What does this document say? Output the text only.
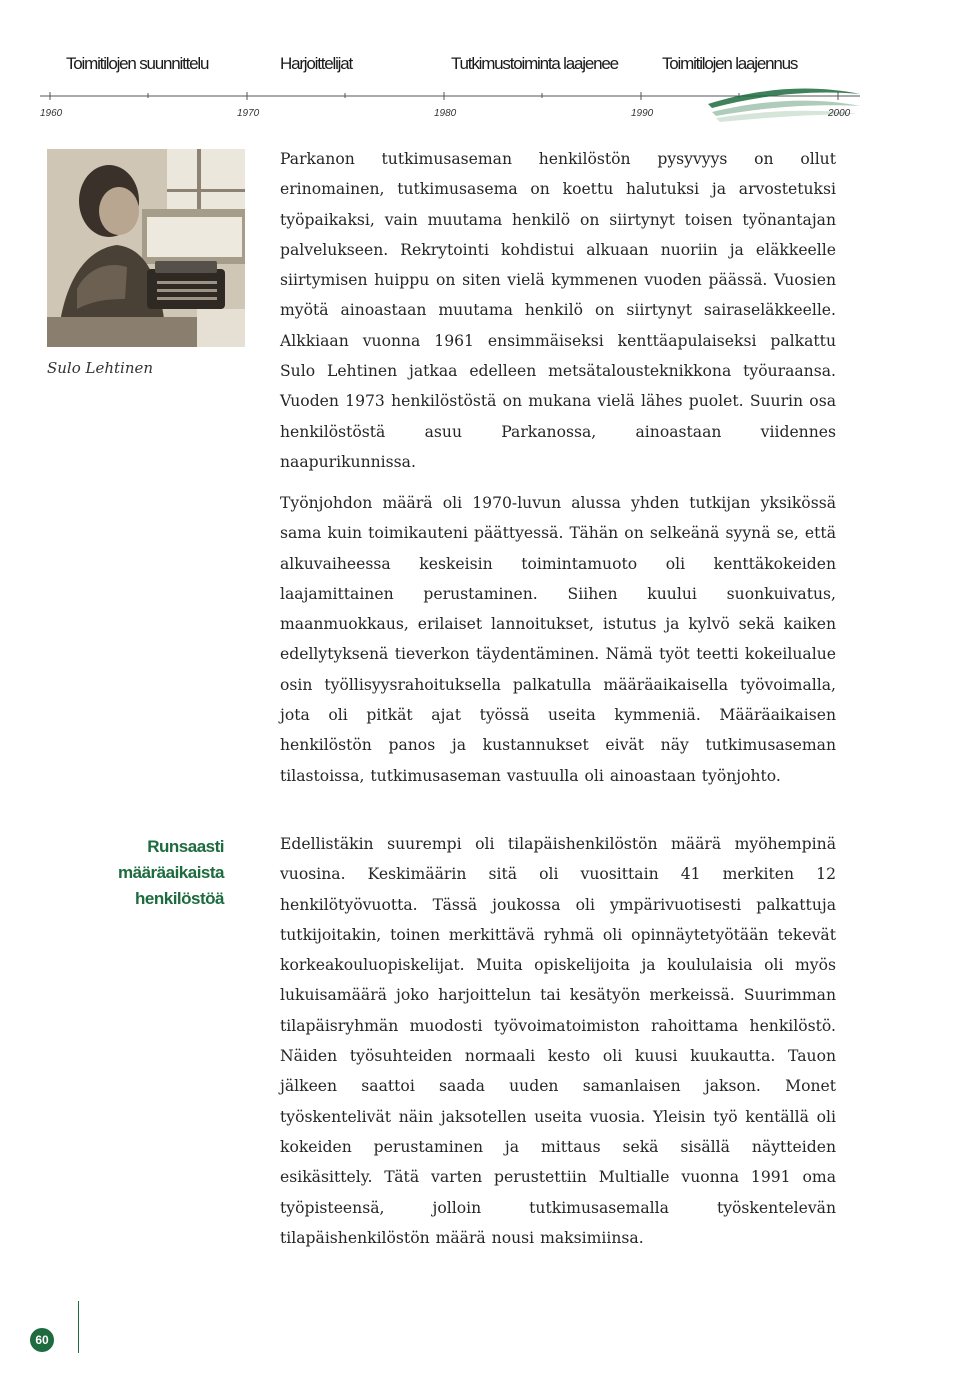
Toimitilojen suunnittelu	Harjoittelijat	Tutkimustoiminta laajenee	Toimitilojen laajennus
1960	1970	1980	1990	2000
Sulo Lehtinen
Runsaasti
määräaikaista
henkilöstöä

Parkanon tutkimusaseman henkilöstön pysyvyys on ollut erinomainen, tutkimusasema on koettu halutuksi ja arvostetuksi työpaikaksi, vain muutama henkilö on siirtynyt toisen työnantajan palvelukseen. Rekrytointi kohdistui alkuaan nuoriin ja eläkkeelle siirtymisen huippu on siten vielä kymmenen vuoden päässä. Vuosien myötä ainoastaan muutama henkilö on siirtynyt sairaseläkkeelle. Alkkiaan vuonna 1961 ensimmäiseksi kenttäapulaiseksi palkattu Sulo Lehtinen jatkaa edelleen metsätalousteknikkona työuraansa. Vuoden 1973 henkilöstöstä on mukana vielä lähes puolet. Suurin osa henkilöstöstä asuu Parkanossa, ainoastaan viidennes naapurikunnissa.

Työnjohdon määrä oli 1970-luvun alussa yhden tutkijan yksikössä sama kuin toimikauteni päättyessä. Tähän on selkeänä syynä se, että alkuvaiheessa keskeisin toimintamuoto oli kenttäkokeiden laajamittainen perustaminen. Siihen kuului suonkuivatus, maanmuokkaus, erilaiset lannoitukset, istutus ja kylvö sekä kaiken edellytyksenä tieverkon täydentäminen. Nämä työt teetti kokeilualue osin työllisyysrahoituksella palkatulla määräaikaisella työvoimalla, jota oli pitkät ajat työssä useita kymmeniä. Määräaikaisen henkilöstön panos ja kustannukset eivät näy tutkimusaseman tilastoissa, tutkimusaseman vastuulla oli ainoastaan työnjohto.

Edellistäkin suurempi oli tilapäishenkilöstön määrä myöhempinä vuosina. Keskimäärin sitä oli vuosittain 41 merkiten 12 henkilötyövuotta. Tässä joukossa oli ympärivuotisesti palkattuja tutkijoitakin, toinen merkittävä ryhmä oli opinnäytetyötään tekevät korkeakouluopiskelijat. Muita opiskelijoita ja koululaisia oli myös lukuisamäärä joko harjoittelun tai kesätyön merkeissä. Suurimman tilapäisryhmän muodosti työvoimatoimiston rahoittama henkilöstö. Näiden työsuhteiden normaali kesto oli kuusi kuukautta. Tauon jälkeen saattoi saada uuden samanlaisen jakson. Monet työskentelivät näin jaksotellen useita vuosia. Yleisin työ kentällä oli kokeiden perustaminen ja mittaus sekä sisällä näytteiden esikäsittely. Tätä varten perustettiin Multialle vuonna 1991 oma työpisteensä, jolloin tutkimusasemalla työskentelevän tilapäishenkilöstön määrä nousi maksimiinsa.

60
